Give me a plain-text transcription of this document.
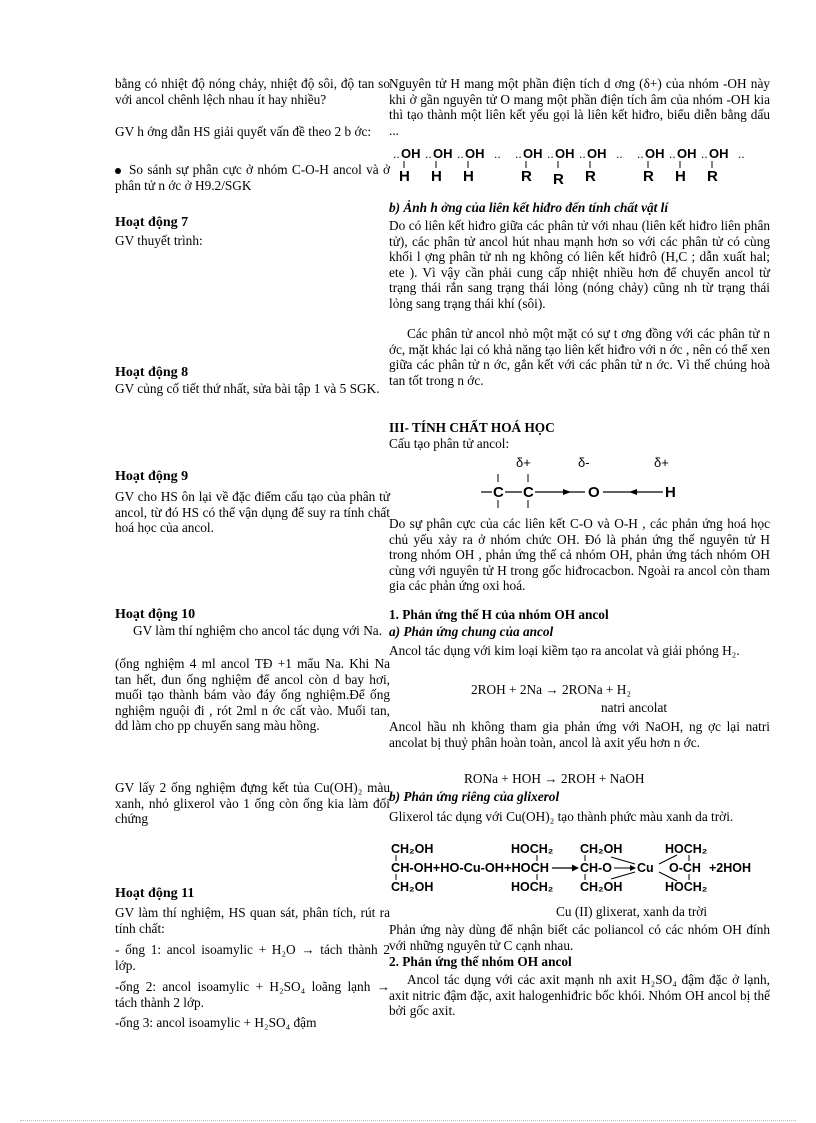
bằng có nhiệt độ nóng chảy, nhiệt độ sôi, độ tan so với ancol chênh lệch nhau ít hay nhiều?

GV h ớng dẫn HS giải quyết vấn đề theo 2 b ớc:

So sánh sự phân cực ở nhóm C-O-H ancol và ở phân tử n ớc ở H9.2/SGK

Hoạt động 7

GV thuyết trình:

Hoạt động 8

GV củng cố tiết thứ nhất, sửa bài tập 1 và 5 SGK.

Hoạt động 9

GV cho HS ôn lại về đặc điểm cấu tạo của phân tử ancol, từ đó HS có thể vận dụng để suy ra tính chất hoá học của ancol.

Hoạt động 10

GV làm thí nghiệm cho ancol tác dụng với Na.

(ống nghiệm 4 ml ancol TĐ +1 mẩu Na. Khi Na tan hết, đun ống nghiệm để ancol còn d bay hơi, muối tạo thành bám vào đáy ống nghiệm.Để ống nghiệm nguội đi , rót 2ml n ớc cất vào. Muối tan, dd làm cho pp chuyển sang màu hồng.

GV lấy 2 ống nghiệm đựng kết tủa Cu(OH)₂ màu xanh, nhỏ glixerol vào 1 ống còn ống kia làm đối chứng

Hoạt động 11

GV làm thí nghiệm, HS quan sát, phân tích, rút ra tính chất:

- ống 1: ancol isoamylic + H₂O → tách thành 2 lớp.

-ống 2: ancol isoamylic + H₂SO₄ loãng lạnh → tách thành 2 lớp.

-ống 3: ancol isoamylic + H₂SO₄ đậm

Nguyên tử H mang một phần điện tích d ơng (δ+) của nhóm -OH này khi ở gần nguyên tử O mang một phần điện tích âm của nhóm -OH kia thì tạo thành một liên kết yếu gọi là liên kết hiđro, biểu diễn bằng dấu ...

.. OH
H
.. OH
H
.. OH
H
.. .. OH
R
.. OH
R
.. OH
R
.. .. OH
R
.. OH
H
.. OH
R
..

b) Ảnh h ởng của liên kết hiđro đến tính chất vật lí

Do có liên kết hiđro giữa các phân tử với nhau (liên kết hiđro liên phân tử), các phân tử ancol hút nhau mạnh hơn so với các phân tử có cùng khối l ợng phân tử nh ng không có liên kết hiđrô (H,C ; dẫn xuất hal; ete ). Vì vậy cần phải cung cấp nhiệt nhiều hơn để chuyển ancol từ trạng thái rắn sang trạng thái lỏng (nóng chảy) cũng nh từ trạng thái lỏng sang trạng thái khí (sôi).

Các phân tử ancol nhỏ một mặt có sự t ơng đồng với các phân tử n ớc, mặt khác lại có khả năng tạo liên kết hiđro với n ớc , nên có thể xen giữa các phân tử n ớc, gắn kết với các phân tử n ớc. Vì thế chúng hoà tan tốt trong n ớc.

III- TÍNH CHẤT HOÁ HỌC

Cấu tạo phân tử ancol:

δ+	δ-	δ+
C C	O	H

Do sự phân cực của các liên kết C-O và O-H , các phản ứng hoá học chủ yếu xảy ra ở nhóm chức OH. Đó là phản ứng thế nguyên tử H trong nhóm OH , phản ứng thế cả nhóm OH, phản ứng tách nhóm OH cùng với nguyên tử H trong gốc hiđrocacbon. Ngoài ra ancol còn tham gia các phản ứng oxi hoá.

1. Phản ứng thế H của nhóm OH ancol

a) Phản ứng chung của ancol

Ancol tác dụng với kim loại kiềm tạo ra ancolat và giải phóng H₂.

2ROH + 2Na → 2RONa + H₂

natri ancolat

Ancol hầu nh không tham gia phản ứng với NaOH, ng ợc lại natri ancolat bị thuỷ phân hoàn toàn, ancol là axit yếu hơn n ớc.

RONa + HOH → 2ROH + NaOH

b) Phản ứng riêng của glixerol

Glixerol tác dụng với Cu(OH)₂ tạo thành phức màu xanh da trời.

CH₂OH	HOCH₂ CH₂OH	HOCH₂
CH-OH+HO-Cu-OH+HOCH CH-O Cu O-CH +2HOH
CH₂OH	HOCH₂ CH₂OH	HOCH₂

Cu (II) glixerat, xanh da trời

Phản ứng này dùng để nhận biết các poliancol có các nhóm OH đính với những nguyên tử C cạnh nhau.

2. Phản ứng thế nhóm OH ancol

Ancol tác dụng với các axit mạnh nh axit H₂SO₄ đậm đặc ở lạnh, axit nitric đậm đặc, axit halogenhiđric bốc khói. Nhóm OH ancol bị thế bởi gốc axit.
